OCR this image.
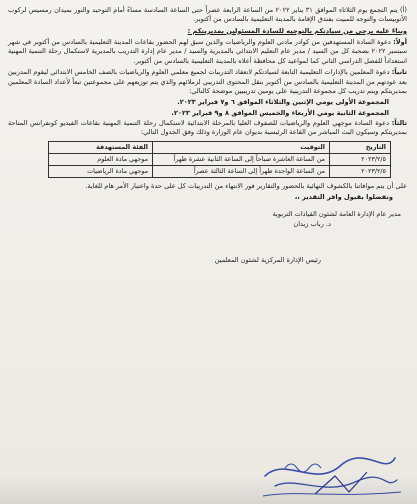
(أ) يتم التجمع يوم الثلاثاء الموافق ٣١ يناير ٢٠٢٢ من الساعة الرابعة عصراً حتى الساعة السادسة مساءً أمام التوحيد والنور بميدان رمسيس لركوب الأتوبيسات والتوجه للمبيت بفندق الإقامة بالمدينة التعليمية بالسادس من أكتوبر.

وبناءً عليه يرجى من سيادتكم بالتوجيه للسادة المسئولين بمديريتكم :

أولاً: دعوة السادة المستهدفين من كوادر مادتي العلوم والرياضيات والذين سبق لهم الحضور بقاعات المدينة التعليمية بالسادس من أكتوبر في شهر سبتمبر ٢٠٢٢ بصحبة كل من السيد / مدير عام التعليم الابتدائي بالمديرية والسيد / مدير عام إدارة التدريب بالمديرية لاستكمال رحلة التنمية المهنية استعداداً للفصل الدراسي الثاني كما لمواعيد كل محافظة أعلاه بالمدينة التعليمية بالسادس من أكتوبر.

ثانياً: دعوة المعلمين بالإدارات التعليمية التابعة لسيادتكم لانعقاد التدريبات لجميع معلمي العلوم والرياضيات بالصف الخامس الابتدائي ليقوم المدربين بعد عودتهم من المدينة التعليمية بالسادس من أكتوبر بنقل المحتوى التدريبي لزملائهم والذي يتم توزيعهم على مجموعتين تبعاً لأعداد السادة المعلمين بمديريتكم ويتم تدريب كل مجموعة التدريبية على يومين تدريبيين موضحة كالتالي:

المجموعة الأولى يومي الإثنين والثلاثاء الموافق ٦ و٧ فبراير ٢٠٢٣.
المجموعة الثانية يومي الأربعاء والخميس الموافق ٨ و٩ فبراير ٢٠٢٣.

ثالثاً: دعوة السادة موجهي العلوم والرياضيات للصفوف العليا بالمرحلة الابتدائية لاستكمال رحلة التنمية المهنية بقاعات الفيديو كونفرانس المتاحة بمديريتكم وسيكون البث المباشر من القاعة الرئيسية بديوان عام الوزارة وذلك وفق الجدول التالي:

التاريخ	التوقيت	الفئة المستهدفة
٢٠٢٣/٢/٥	من الساعة العاشرة صباحاً إلى الساعة الثانية عشرة ظهراً	موجهي مادة العلوم
٢٠٢٣/٢/٥	من الساعة الواحدة ظهراً إلى الساعة الثالثة عصراً	موجهي مادة الرياضيات

على أن يتم موافاتنا بالكشوف النهائية بالحضور والتقارير فور الانتهاء من التدريبات كل على حدة واعتبار الأمر هام للغاية.

وتفضلوا بقبول وافر التقدير ،،

مدير عام الإدارة العامة لشئون القيادات التربوية
د. رباب زيدان
رئيس الإدارة المركزية لشئون المعلمين
